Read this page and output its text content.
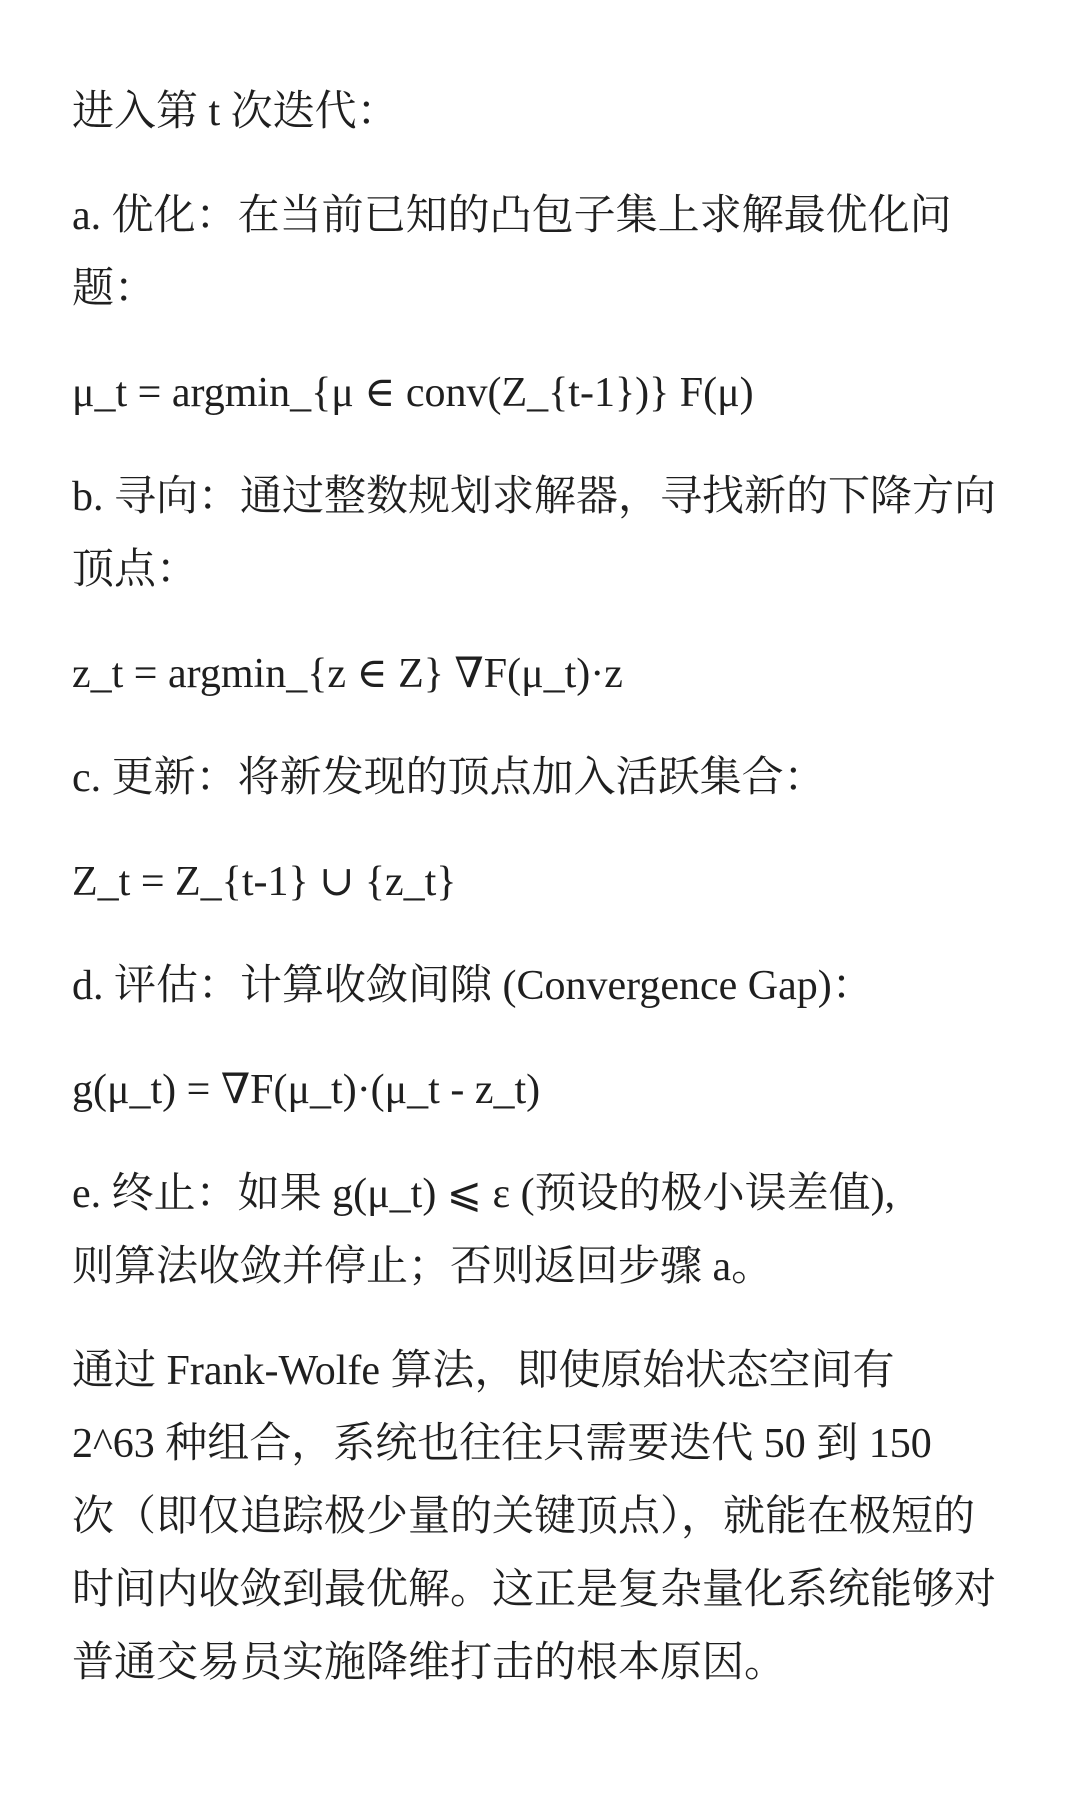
进入第 t 次迭代：

a. 优化：在当前已知的凸包子集上求解最优化问
题：

μ_t = argmin_{μ ∈ conv(Z_{t-1})} F(μ)

b. 寻向：通过整数规划求解器，寻找新的下降方向
顶点：

z_t = argmin_{z ∈ Z} ∇F(μ_t)·z

c. 更新：将新发现的顶点加入活跃集合：

Z_t = Z_{t-1} ∪ {z_t}

d. 评估：计算收敛间隙 (Convergence Gap)：

g(μ_t) = ∇F(μ_t)·(μ_t - z_t)

e. 终止：如果 g(μ_t) ⩽ ε (预设的极小误差值),
则算法收敛并停止；否则返回步骤 a。

通过 Frank-Wolfe 算法，即使原始状态空间有
2^63 种组合，系统也往往只需要迭代 50 到 150
次（即仅追踪极少量的关键顶点），就能在极短的
时间内收敛到最优解。这正是复杂量化系统能够对
普通交易员实施降维打击的根本原因。
